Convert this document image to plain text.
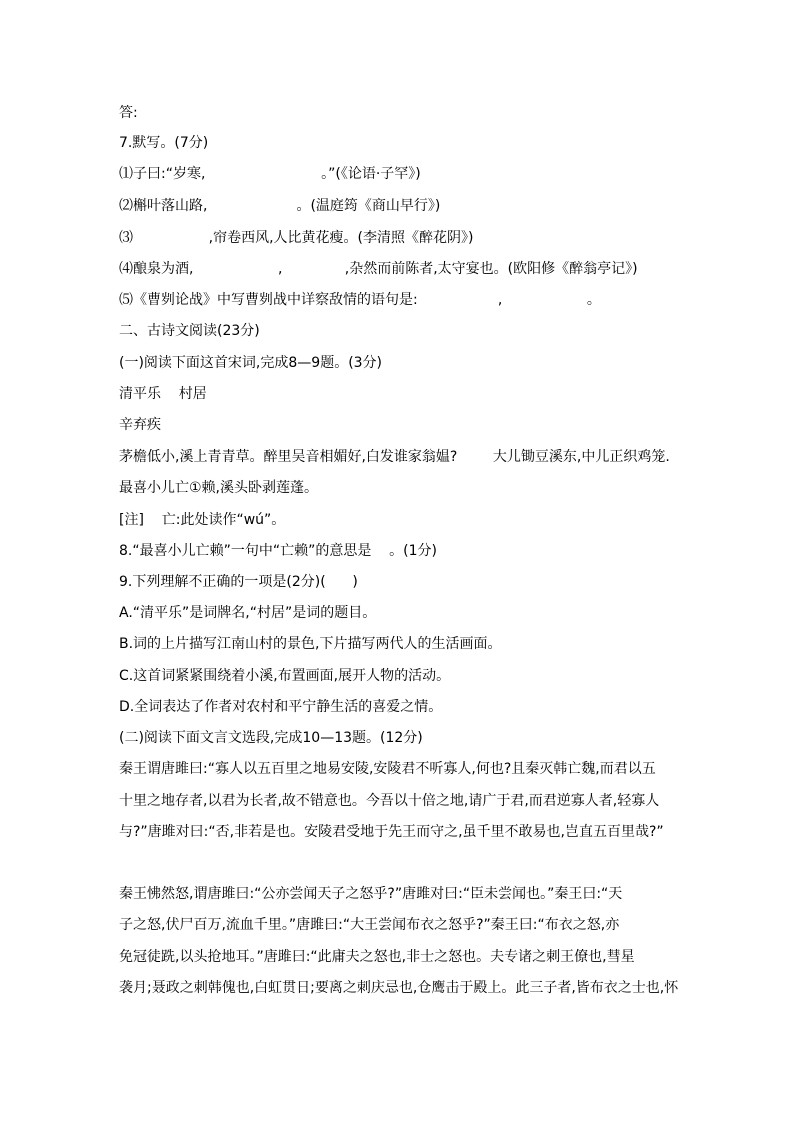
答:
7.默写。(7分)
⑴子曰:“岁寒,                          。”(《论语·子罕》)
⑵槲叶落山路,                    。(温庭筠《商山早行》)
⑶                 ,帘卷西风,人比黄花瘦。(李清照《醉花阴》)
⑷酿泉为酒,                   ,              ,杂然而前陈者,太守宴也。(欧阳修《醉翁亭记》)
⑸《曹刿论战》中写曹刿战中详察敌情的语句是:                  ,                   。
二、古诗文阅读(23分)
(一)阅读下面这首宋词,完成8—9题。(3分)
清平乐    村居
辛弃疾
茅檐低小,溪上青青草。醉里吴音相媚好,白发谁家翁媪?        大儿锄豆溪东,中儿正织鸡笼.
最喜小儿亡①赖,溪头卧剥莲蓬。
[注]    亡:此处读作“wú”。
8.“最喜小儿亡赖”一句中“亡赖”的意思是    。(1分)
9.下列理解不正确的一项是(2分)(      )
A.“清平乐”是词牌名,“村居”是词的题目。
B.词的上片描写江南山村的景色,下片描写两代人的生活画面。
C.这首词紧紧围绕着小溪,布置画面,展开人物的活动。
D.全词表达了作者对农村和平宁静生活的喜爱之情。
(二)阅读下面文言文选段,完成10—13题。(12分)
秦王谓唐雎曰:“寡人以五百里之地易安陵,安陵君不听寡人,何也?且秦灭韩亡魏,而君以五
十里之地存者,以君为长者,故不错意也。今吾以十倍之地,请广于君,而君逆寡人者,轻寡人
与?”唐雎对曰:“否,非若是也。安陵君受地于先王而守之,虽千里不敢易也,岂直五百里哉?”
秦王怫然怒,谓唐雎曰:“公亦尝闻天子之怒乎?”唐雎对曰:“臣未尝闻也。”秦王曰:“天
子之怒,伏尸百万,流血千里。”唐雎曰:“大王尝闻布衣之怒乎?”秦王曰:“布衣之怒,亦
免冠徒跣,以头抢地耳。”唐雎曰:“此庸夫之怒也,非士之怒也。夫专诸之刺王僚也,彗星
袭月;聂政之刺韩傀也,白虹贯日;要离之刺庆忌也,仓鹰击于殿上。此三子者,皆布衣之士也,怀
